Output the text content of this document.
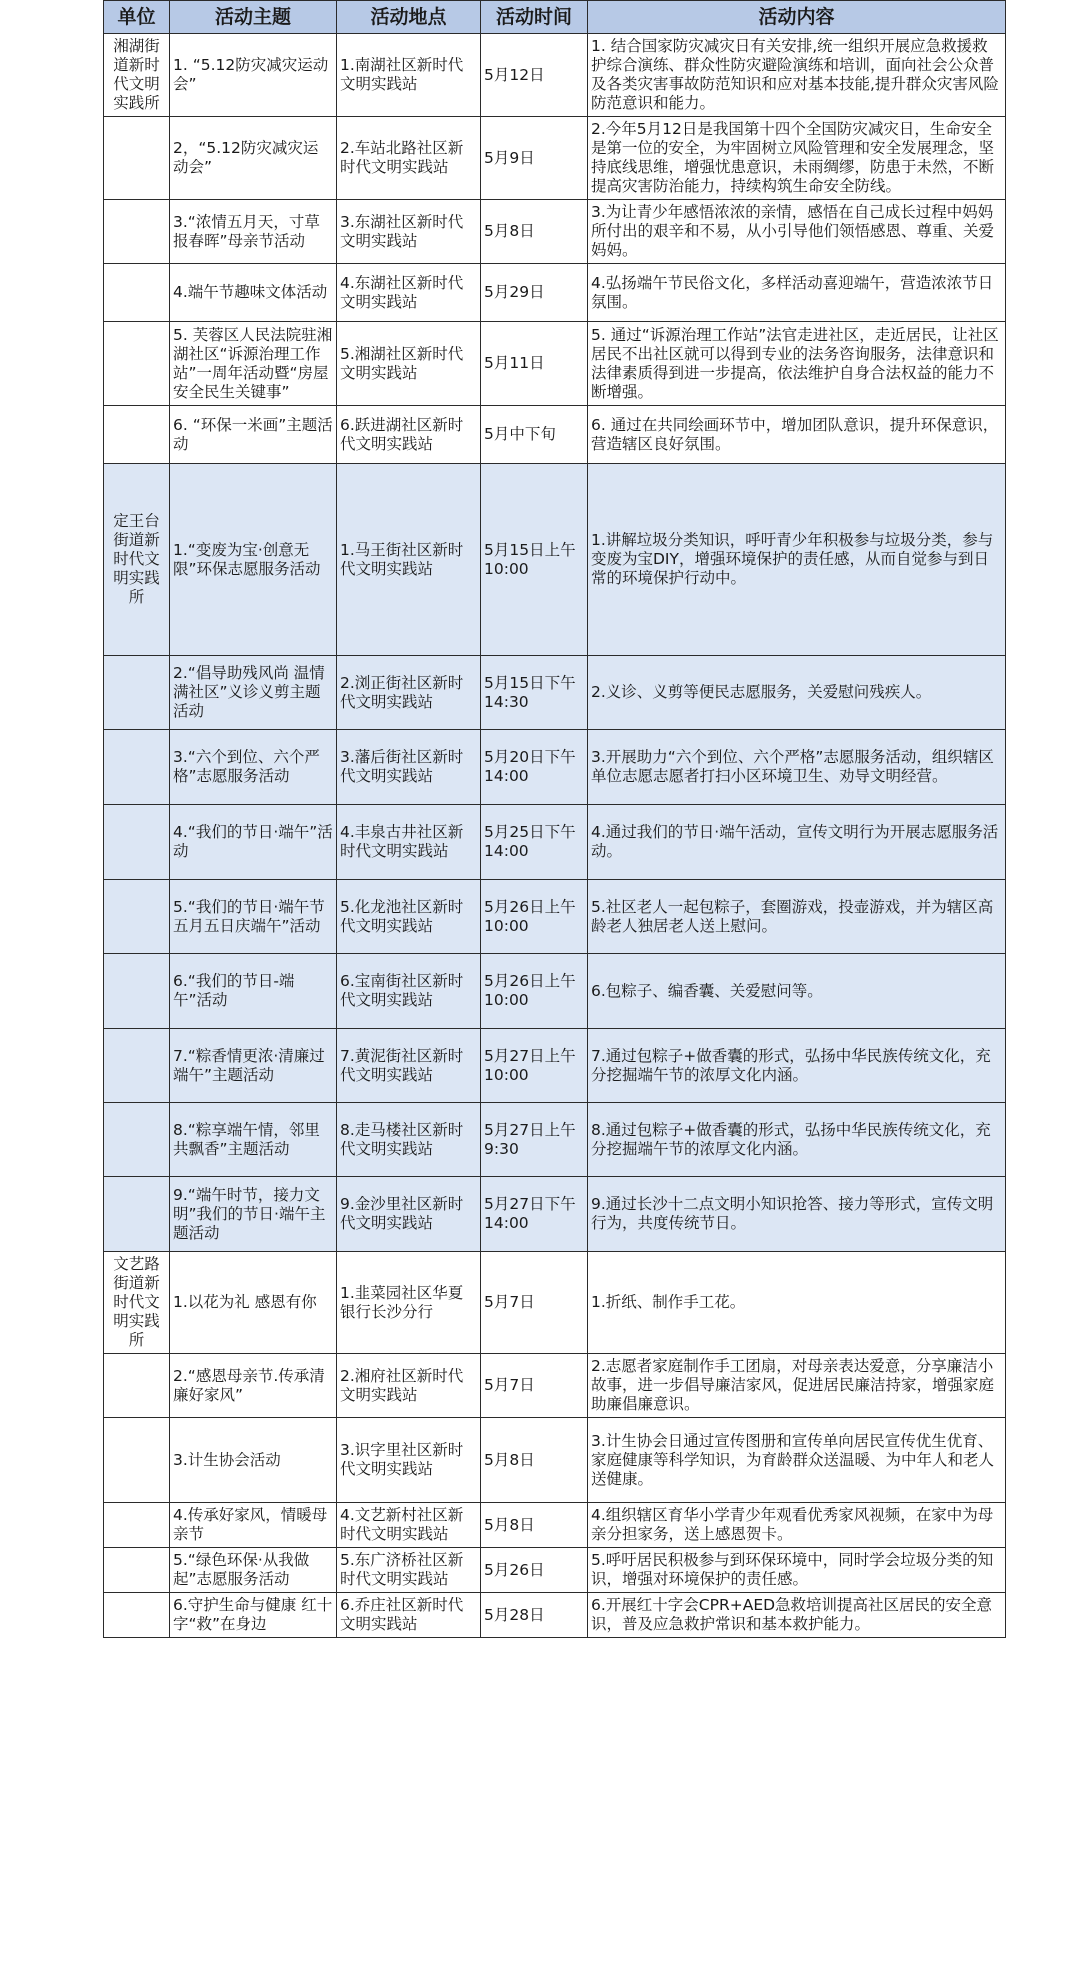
单位	活动主题	活动地点	活动时间	活动内容
湘湖街道新时代文明实践所	1. “5.12防灾减灾运动会”	1.南湖社区新时代文明实践站	5月12日	1. 结合国家防灾减灾日有关安排,统一组织开展应急救援救护综合演练、群众性防灾避险演练和培训，面向社会公众普及各类灾害事故防范知识和应对基本技能,提升群众灾害风险防范意识和能力。
	2，“5.12防灾减灾运动会”	2.车站北路社区新时代文明实践站	5月9日	2.今年5月12日是我国第十四个全国防灾减灾日，生命安全是第一位的安全，为牢固树立风险管理和安全发展理念，坚持底线思维，增强忧患意识，未雨绸缪，防患于未然，不断提高灾害防治能力，持续构筑生命安全防线。
	3.“浓情五月天，寸草报春晖”母亲节活动	3.东湖社区新时代文明实践站	5月8日	3.为让青少年感悟浓浓的亲情，感悟在自己成长过程中妈妈所付出的艰辛和不易，从小引导他们领悟感恩、尊重、关爱妈妈。
	4.端午节趣味文体活动	4.东湖社区新时代文明实践站	5月29日	4.弘扬端午节民俗文化，多样活动喜迎端午，营造浓浓节日氛围。
	5. 芙蓉区人民法院驻湘湖社区“诉源治理工作站”一周年活动暨“房屋安全民生关键事”	5.湘湖社区新时代文明实践站	5月11日	5. 通过“诉源治理工作站”法官走进社区，走近居民，让社区居民不出社区就可以得到专业的法务咨询服务，法律意识和法律素质得到进一步提高，依法维护自身合法权益的能力不断增强。
	6. “环保一米画”主题活动	6.跃进湖社区新时代文明实践站	5月中下旬	6. 通过在共同绘画环节中，增加团队意识，提升环保意识，营造辖区良好氛围。
定王台街道新时代文明实践所	1.“变废为宝·创意无限”环保志愿服务活动	1.马王街社区新时代文明实践站	5月15日上午10:00	1.讲解垃圾分类知识，呼吁青少年积极参与垃圾分类，参与变废为宝DIY，增强环境保护的责任感，从而自觉参与到日常的环境保护行动中。
	2.“倡导助残风尚 温情满社区”义诊义剪主题活动	2.浏正街社区新时代文明实践站	5月15日下午14:30	2.义诊、义剪等便民志愿服务，关爱慰问残疾人。
	3.“六个到位、六个严格”志愿服务活动	3.藩后街社区新时代文明实践站	5月20日下午14:00	3.开展助力“六个到位、六个严格”志愿服务活动，组织辖区单位志愿志愿者打扫小区环境卫生、劝导文明经营。
	4.“我们的节日·端午”活动	4.丰泉古井社区新时代文明实践站	5月25日下午14:00	4.通过我们的节日·端午活动，宣传文明行为开展志愿服务活动。
	5.“我们的节日·端午节五月五日庆端午”活动	5.化龙池社区新时代文明实践站	5月26日上午10:00	5.社区老人一起包粽子，套圈游戏，投壶游戏，并为辖区高龄老人独居老人送上慰问。
	6.“我们的节日-端午”活动	6.宝南街社区新时代文明实践站	5月26日上午10:00	6.包粽子、编香囊、关爱慰问等。
	7.“粽香情更浓·清廉过端午”主题活动	7.黄泥街社区新时代文明实践站	5月27日上午10:00	7.通过包粽子+做香囊的形式，弘扬中华民族传统文化，充分挖掘端午节的浓厚文化内涵。
	8.“粽享端午情，邻里共飘香”主题活动	8.走马楼社区新时代文明实践站	5月27日上午9:30	8.通过包粽子+做香囊的形式，弘扬中华民族传统文化，充分挖掘端午节的浓厚文化内涵。
	9.“端午时节，接力文明”我们的节日·端午主题活动	9.金沙里社区新时代文明实践站	5月27日下午14:00	9.通过长沙十二点文明小知识抢答、接力等形式，宣传文明行为，共度传统节日。
文艺路街道新时代文明实践所	1.以花为礼 感恩有你	1.韭菜园社区华夏银行长沙分行	5月7日	1.折纸、制作手工花。
	2.“感恩母亲节.传承清廉好家风”	2.湘府社区新时代文明实践站	5月7日	2.志愿者家庭制作手工团扇，对母亲表达爱意，分享廉洁小故事，进一步倡导廉洁家风，促进居民廉洁持家，增强家庭助廉倡廉意识。
	3.计生协会活动	3.识字里社区新时代文明实践站	5月8日	3.计生协会日通过宣传图册和宣传单向居民宣传优生优育、家庭健康等科学知识，为育龄群众送温暖、为中年人和老人送健康。
	4.传承好家风，情暖母亲节	4.文艺新村社区新时代文明实践站	5月8日	4.组织辖区育华小学青少年观看优秀家风视频，在家中为母亲分担家务，送上感恩贺卡。
	5.“绿色环保·从我做起”志愿服务活动	5.东广济桥社区新时代文明实践站	5月26日	5.呼吁居民积极参与到环保环境中，同时学会垃圾分类的知识，增强对环境保护的责任感。
	6.守护生命与健康 红十字“救”在身边	6.乔庄社区新时代文明实践站	5月28日	6.开展红十字会CPR+AED急救培训提高社区居民的安全意识，普及应急救护常识和基本救护能力。
